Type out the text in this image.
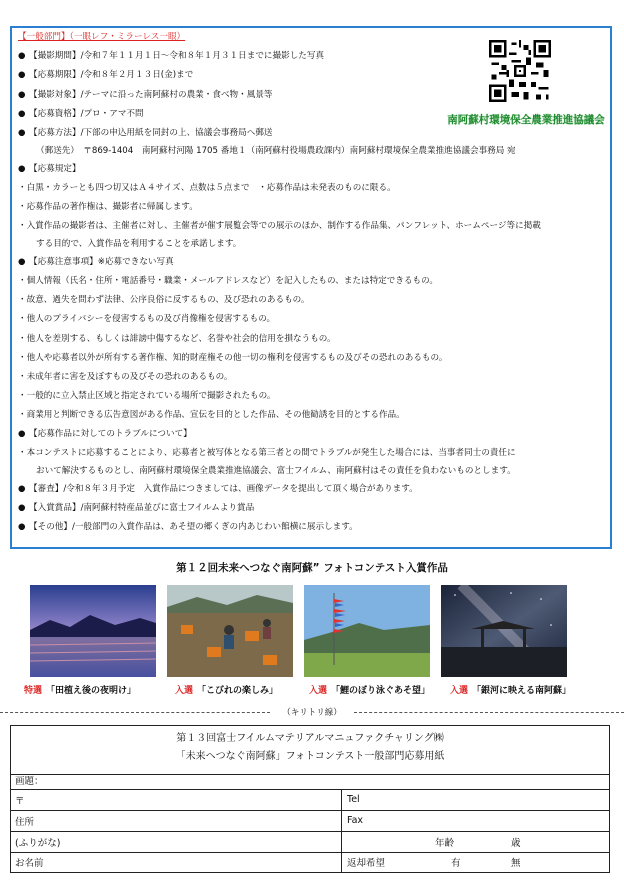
【一般部門】（一眼レフ・ミラーレス一眼）
● 【撮影期間】/令和７年１１月１日～令和８年１月３１日までに撮影した写真
● 【応募期限】/令和８年２月１３日(金)まで
● 【撮影対象】/テーマに沿った南阿蘇村の農業・食べ物・風景等
● 【応募資格】/プロ・アマ不問
● 【応募方法】/下部の申込用紙を同封の上、協議会事務局へ郵送
（郵送先）　〒869-1404　南阿蘇村河陽 1705 番地１（南阿蘇村役場農政課内）南阿蘇村環境保全農業推進協議会事務局 宛
● 【応募規定】
・白黒・カラーとも四つ切又はＡ４サイズ、点数は５点まで　・応募作品は未発表のものに限る。
・応募作品の著作権は、撮影者に帰属します。
・入賞作品の撮影者は、主催者に対し、主催者が催す展覧会等での展示のほか、制作する作品集、パンフレット、ホームページ等に掲載
する目的で、入賞作品を利用することを承諾します。
● 【応募注意事項】※応募できない写真
・個人情報（氏名・住所・電話番号・職業・メールアドレスなど）を記入したもの、または特定できるもの。
・故意、過失を問わず法律、公序良俗に反するもの、及び恐れのあるもの。
・他人のプライバシーを侵害するもの及び肖像権を侵害するもの。
・他人を差別する、もしくは誹謗中傷するなど、名誉や社会的信用を損なうもの。
・他人や応募者以外が所有する著作権、知的財産権その他一切の権利を侵害するもの及びその恐れのあるもの。
・未成年者に害を及ぼすもの及びその恐れのあるもの。
・一般的に立入禁止区域と指定されている場所で撮影されたもの。
・商業用と判断できる広告意図がある作品、宣伝を目的とした作品、その他勧誘を目的とする作品。
● 【応募作品に対してのトラブルについて】
・本コンテストに応募することにより、応募者と被写体となる第三者との間でトラブルが発生した場合には、当事者同士の責任に
おいて解決するものとし、南阿蘇村環境保全農業推進協議会、富士フイルム、南阿蘇村はその責任を負わないものとします。
● 【審査】/令和８年３月予定　入賞作品につきましては、画像データを提出して頂く場合があります。
● 【入賞賞品】/南阿蘇村特産品並びに富士フイルムより賞品
● 【その他】/一般部門の入賞作品は、あそ望の郷くぎの内あじわい館横に展示します。
南阿蘇村環境保全農業推進協議会
第１２回未来へつなぐ南阿蘇” フォトコンテスト入賞作品
特選 「田植え後の夜明け」	入選 「こびれの楽しみ」	入選 「鯉のぼり泳ぐあそ望」 入選 「銀河に映える南阿蘇」
（キリトリ線）
第１３回富士フイルムマテリアルマニュファクチャリング㈱
「未来へつなぐ南阿蘇」フォトコンテスト一般部門応募用紙
画題：
〒	Tel
住所	Fax
(ふりがな)	年齢	歳
お名前	返却希望	有	無
